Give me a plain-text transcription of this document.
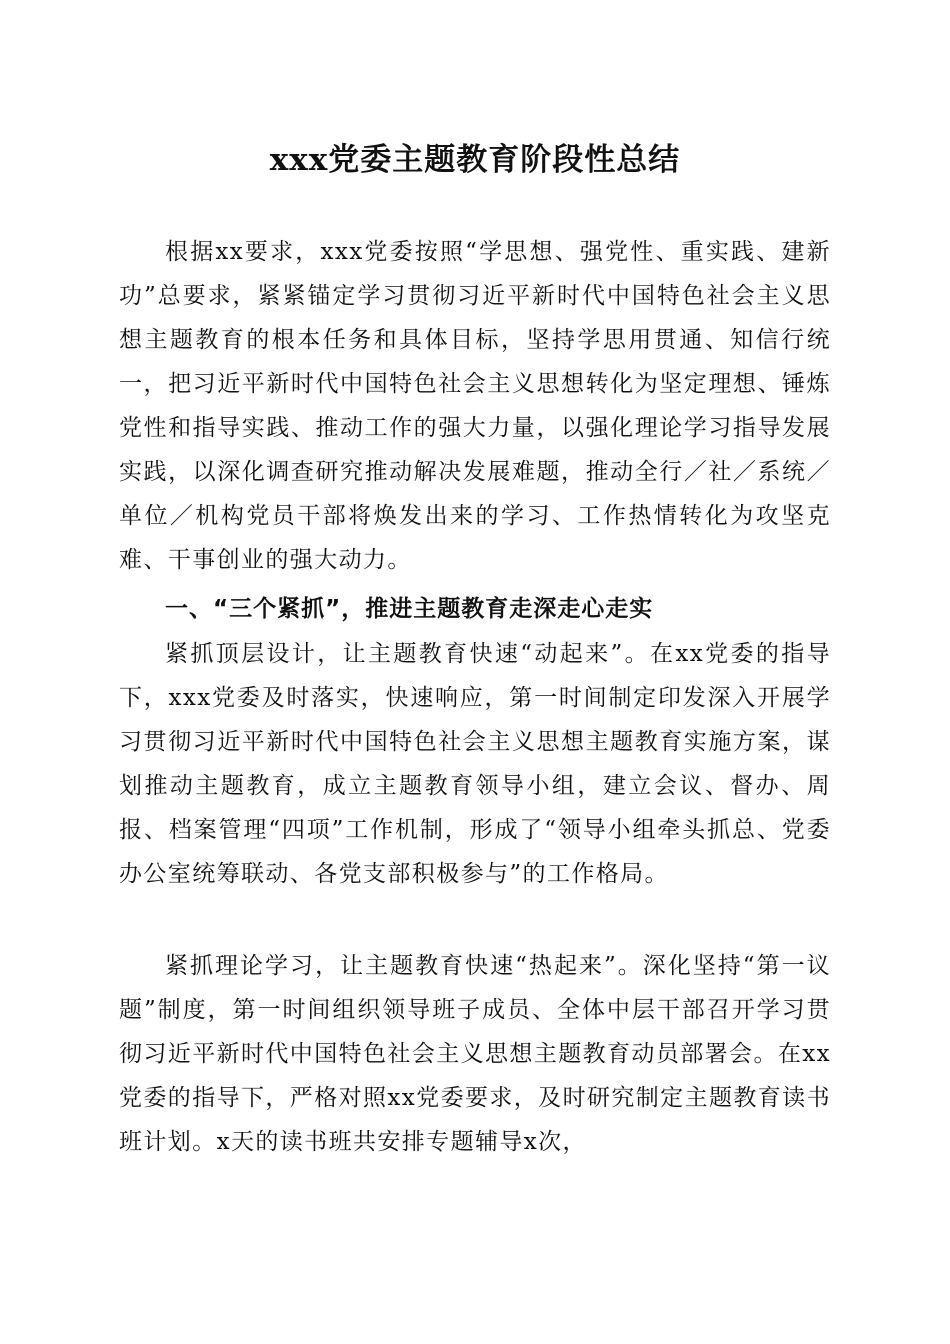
xxx党委主题教育阶段性总结

根据xx要求，xxx党委按照“学思想、强党性、重实践、建新功”总要求，紧紧锚定学习贯彻习近平新时代中国特色社会主义思想主题教育的根本任务和具体目标，坚持学思用贯通、知信行统一，把习近平新时代中国特色社会主义思想转化为坚定理想、锤炼党性和指导实践、推动工作的强大力量，以强化理论学习指导发展实践，以深化调查研究推动解决发展难题，推动全行／社／系统／单位／机构党员干部将焕发出来的学习、工作热情转化为攻坚克难、干事创业的强大动力。

一、“三个紧抓”，推进主题教育走深走心走实

紧抓顶层设计，让主题教育快速“动起来”。在xx党委的指导下，xxx党委及时落实，快速响应，第一时间制定印发深入开展学习贯彻习近平新时代中国特色社会主义思想主题教育实施方案，谋划推动主题教育，成立主题教育领导小组，建立会议、督办、周报、档案管理“四项”工作机制，形成了“领导小组牵头抓总、党委办公室统筹联动、各党支部积极参与”的工作格局。

紧抓理论学习，让主题教育快速“热起来”。深化坚持“第一议题”制度，第一时间组织领导班子成员、全体中层干部召开学习贯彻习近平新时代中国特色社会主义思想主题教育动员部署会。在xx党委的指导下，严格对照xx党委要求，及时研究制定主题教育读书班计划。x天的读书班共安排专题辅导x次，
